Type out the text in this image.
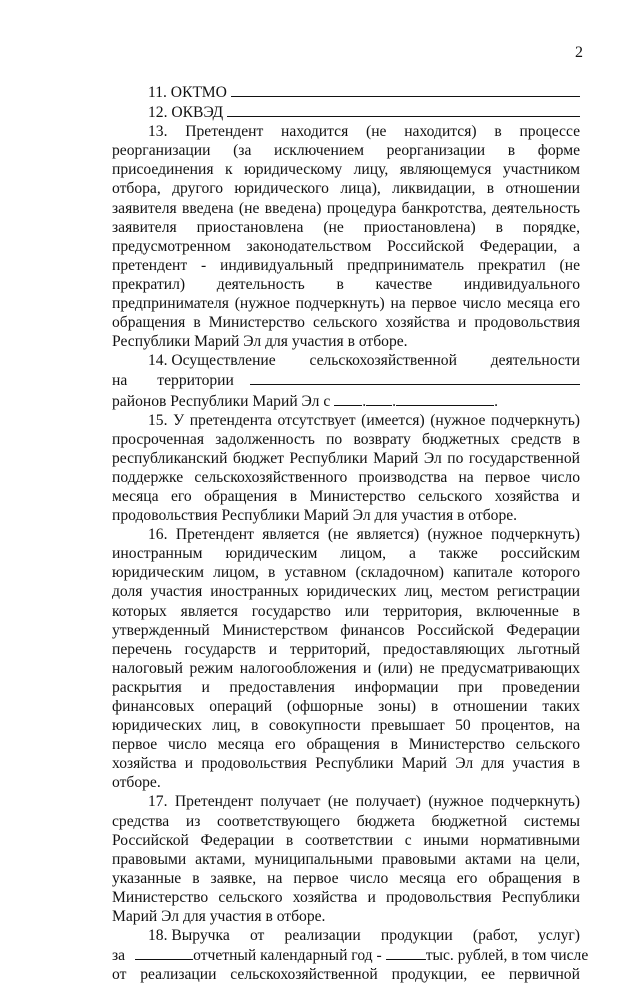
2
11. ОКТМО
12. ОКВЭД

13. Претендент находится (не находится) в процессе реорганизации (за исключением реорганизации в форме присоединения к юридическому лицу, являющемуся участником отбора, другого юридического лица), ликвидации, в отношении заявителя введена (не введена) процедура банкротства, деятельность заявителя приостановлена (не приостановлена) в порядке, предусмотренном законодательством Российской Федерации, а претендент - индивидуальный предприниматель прекратил (не прекратил) деятельность в качестве индивидуального предпринимателя (нужное подчеркнуть) на первое число месяца его обращения в Министерство сельского хозяйства и продовольствия Республики Марий Эл для участия в отборе.

14. Осуществление сельскохозяйственной деятельности
на территории
районов Республики Марий Эл с . .	.

15. У претендента отсутствует (имеется) (нужное подчеркнуть) просроченная задолженность по возврату бюджетных средств в республиканский бюджет Республики Марий Эл по государственной поддержке сельскохозяйственного производства на первое число месяца его обращения в Министерство сельского хозяйства и продовольствия Республики Марий Эл для участия в отборе.

16. Претендент является (не является) (нужное подчеркнуть) иностранным юридическим лицом, а также российским юридическим лицом, в уставном (складочном) капитале которого доля участия иностранных юридических лиц, местом регистрации которых является государство или территория, включенные в утвержденный Министерством финансов Российской Федерации перечень государств и территорий, предоставляющих льготный налоговый режим налогообложения и (или) не предусматривающих раскрытия и предоставления информации при проведении финансовых операций (офшорные зоны) в отношении таких юридических лиц, в совокупности превышает 50 процентов, на первое число месяца его обращения в Министерство сельского хозяйства и продовольствия Республики Марий Эл для участия в отборе.

17. Претендент получает (не получает) (нужное подчеркнуть) средства из соответствующего бюджета бюджетной системы Российской Федерации в соответствии с иными нормативными правовыми актами, муниципальными правовыми актами на цели, указанные в заявке, на первое число месяца его обращения в Министерство сельского хозяйства и продовольствия Республики Марий Эл для участия в отборе.

18. Выручка от реализации продукции (работ, услуг)
за	отчетный календарный год -	тыс. рублей, в том числе
от реализации сельскохозяйственной продукции, ее первичной
